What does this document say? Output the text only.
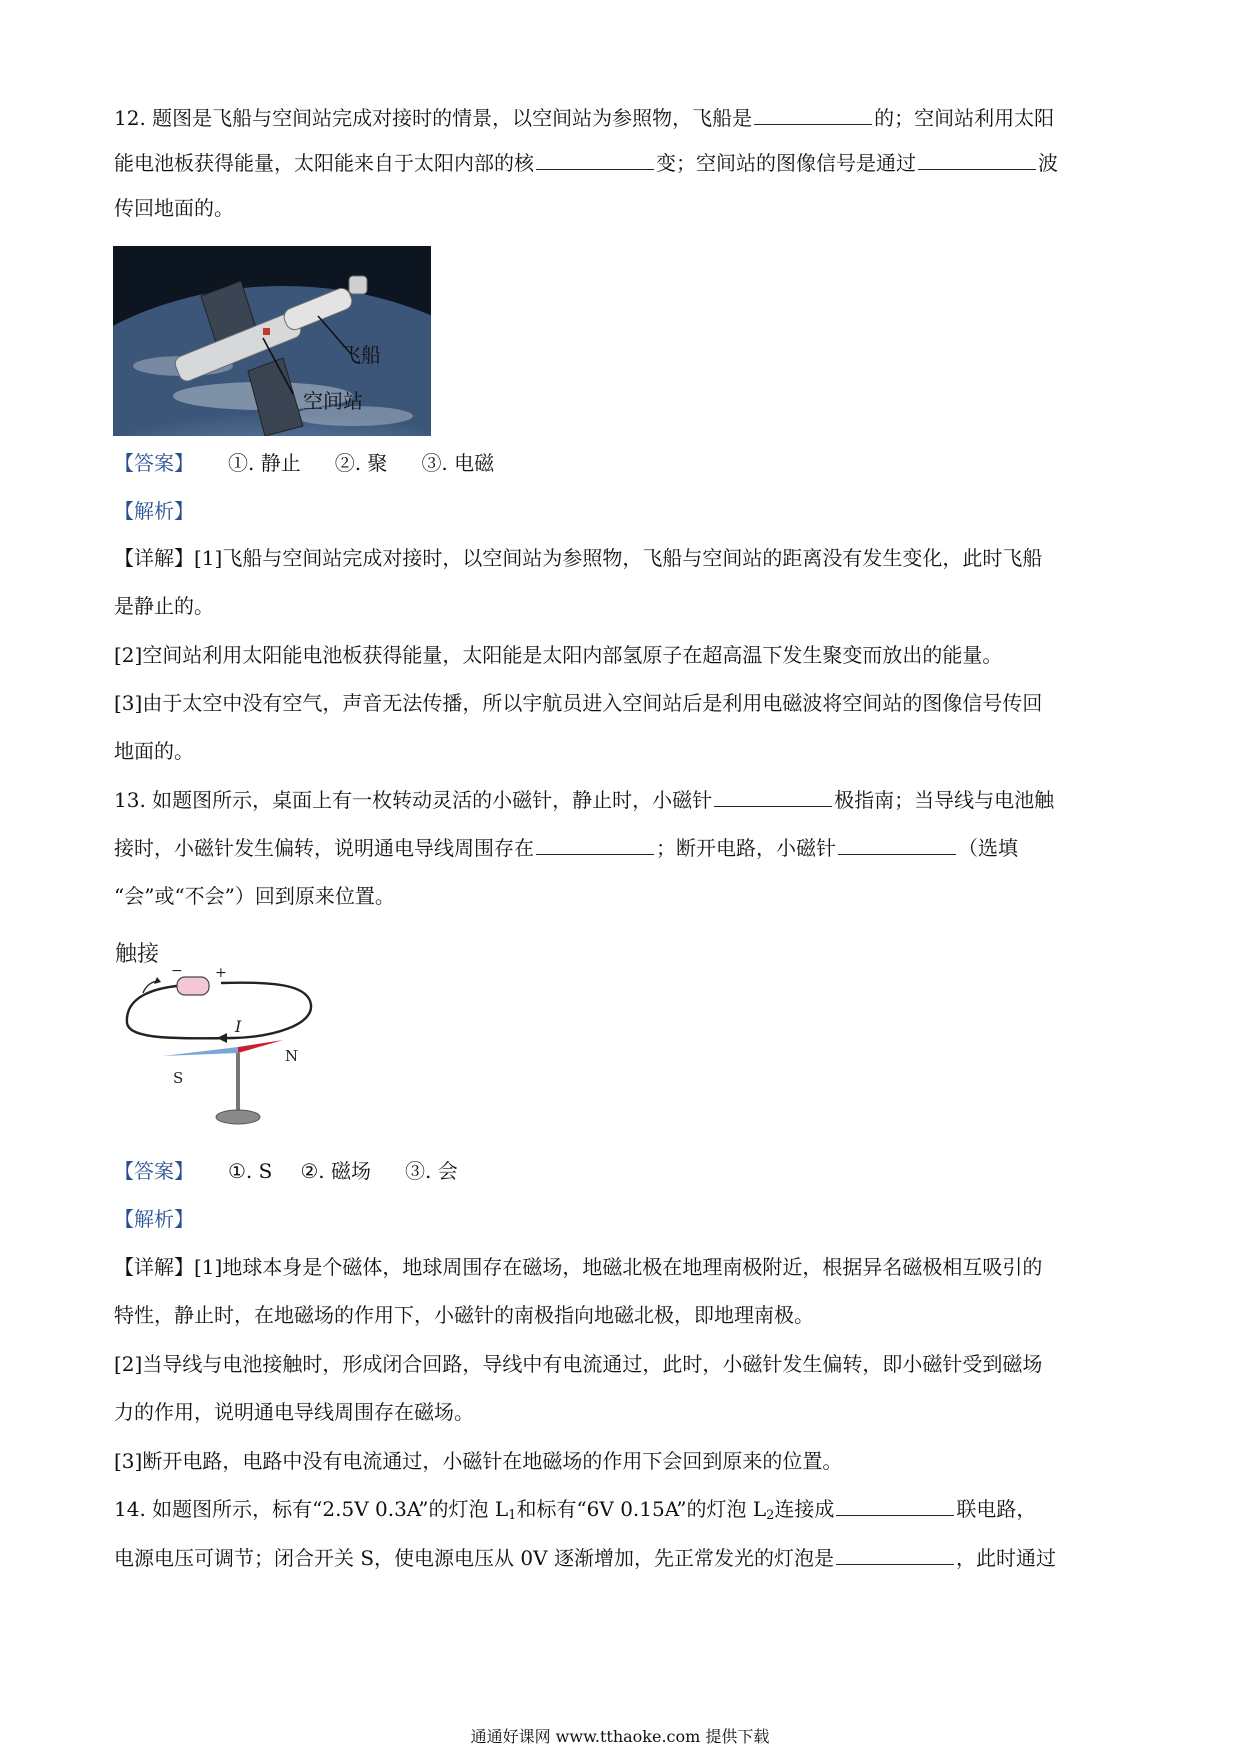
12. 题图是飞船与空间站完成对接时的情景，以空间站为参照物，飞船是	的；空间站利用太阳
能电池板获得能量，太阳能来自于太阳内部的核	变；空间站的图像信号是通过	波
传回地面的。
飞船
空间站
【答案】 ①. 静止 ②. 聚 ③. 电磁
【解析】
【详解】[1]飞船与空间站完成对接时，以空间站为参照物，飞船与空间站的距离没有发生变化，此时飞船
是静止的。
[2]空间站利用太阳能电池板获得能量，太阳能是太阳内部氢原子在超高温下发生聚变而放出的能量。
[3]由于太空中没有空气，声音无法传播，所以宇航员进入空间站后是利用电磁波将空间站的图像信号传回
地面的。
13. 如题图所示，桌面上有一枚转动灵活的小磁针，静止时，小磁针	极指南；当导线与电池触
接时，小磁针发生偏转，说明通电导线周围存在	；断开电路，小磁针	（选填
“会”或“不会”）回到原来位置。
触接
− +
I
S
N
【答案】 ①. S ②. 磁场 ③. 会
【解析】
【详解】[1]地球本身是个磁体，地球周围存在磁场，地磁北极在地理南极附近，根据异名磁极相互吸引的
特性，静止时，在地磁场的作用下，小磁针的南极指向地磁北极，即地理南极。
[2]当导线与电池接触时，形成闭合回路，导线中有电流通过，此时，小磁针发生偏转，即小磁针受到磁场
力的作用，说明通电导线周围存在磁场。
[3]断开电路，电路中没有电流通过，小磁针在地磁场的作用下会回到原来的位置。
14. 如题图所示，标有“2.5V 0.3A”的灯泡 $L_1$和标有“6V 0.15A”的灯泡 $L_2$连接成	联电路，
电源电压可调节；闭合开关 S，使电源电压从 0V 逐渐增加，先正常发光的灯泡是	，此时通过
通通好课网 www.tthaoke.com 提供下载
